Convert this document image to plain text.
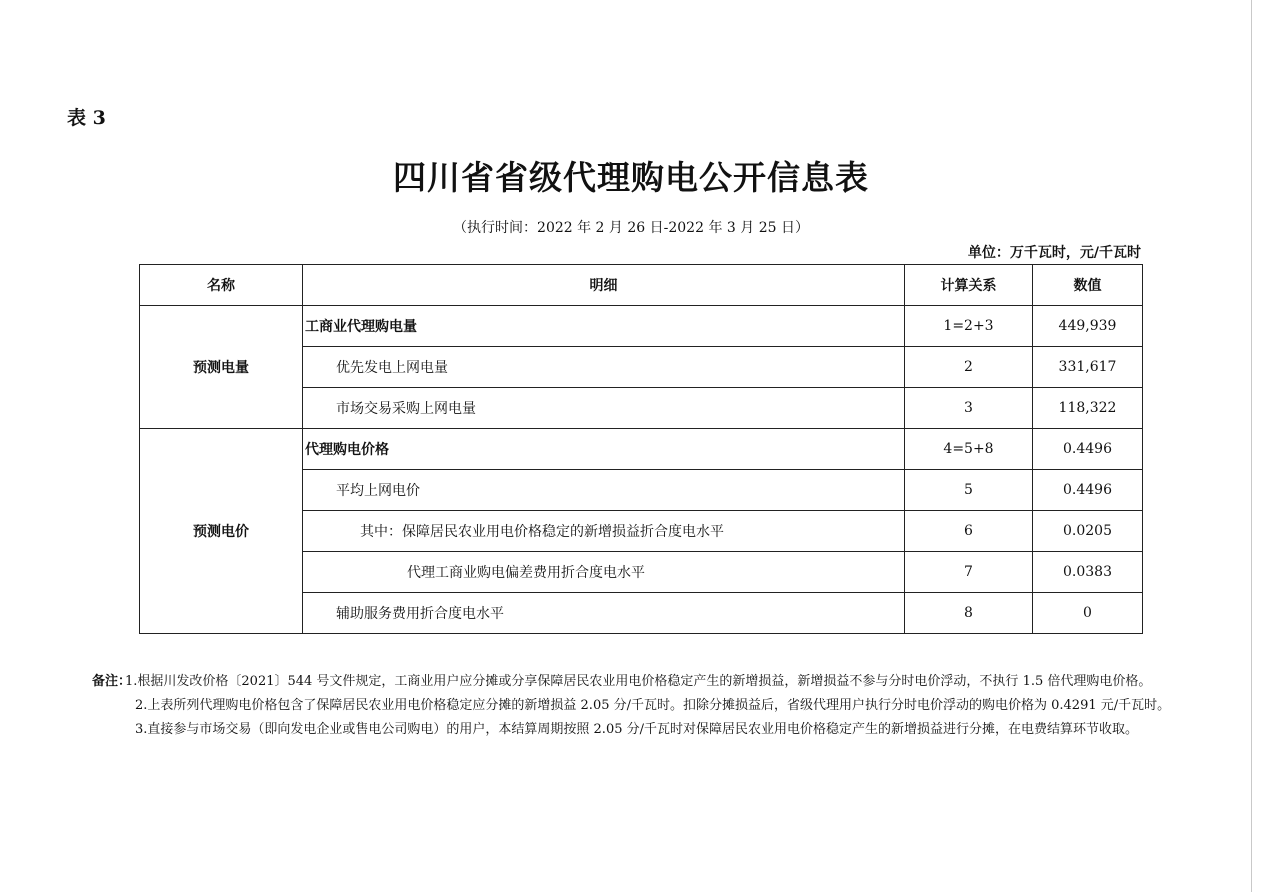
表 3
四川省省级代理购电公开信息表
（执行时间：2022 年 2 月 26 日-2022 年 3 月 25 日）
单位：万千瓦时，元/千瓦时
名称	明细	计算关系	数值
预测电量	工商业代理购电量	1=2+3	449,939
	优先发电上网电量	2	331,617
	市场交易采购上网电量	3	118,322
预测电价	代理购电价格	4=5+8	0.4496
	平均上网电价	5	0.4496
	其中：保障居民农业用电价格稳定的新增损益折合度电水平	6	0.0205
	代理工商业购电偏差费用折合度电水平	7	0.0383
	辅助服务费用折合度电水平	8	0
备注：1.根据川发改价格〔2021〕544 号文件规定，工商业用户应分摊或分享保障居民农业用电价格稳定产生的新增损益，新增损益不参与分时电价浮动，不执行 1.5 倍代理购电价格。
2.上表所列代理购电价格包含了保障居民农业用电价格稳定应分摊的新增损益 2.05 分/千瓦时。扣除分摊损益后，省级代理用户执行分时电价浮动的购电价格为 0.4291 元/千瓦时。
3.直接参与市场交易（即向发电企业或售电公司购电）的用户，本结算周期按照 2.05 分/千瓦时对保障居民农业用电价格稳定产生的新增损益进行分摊，在电费结算环节收取。
